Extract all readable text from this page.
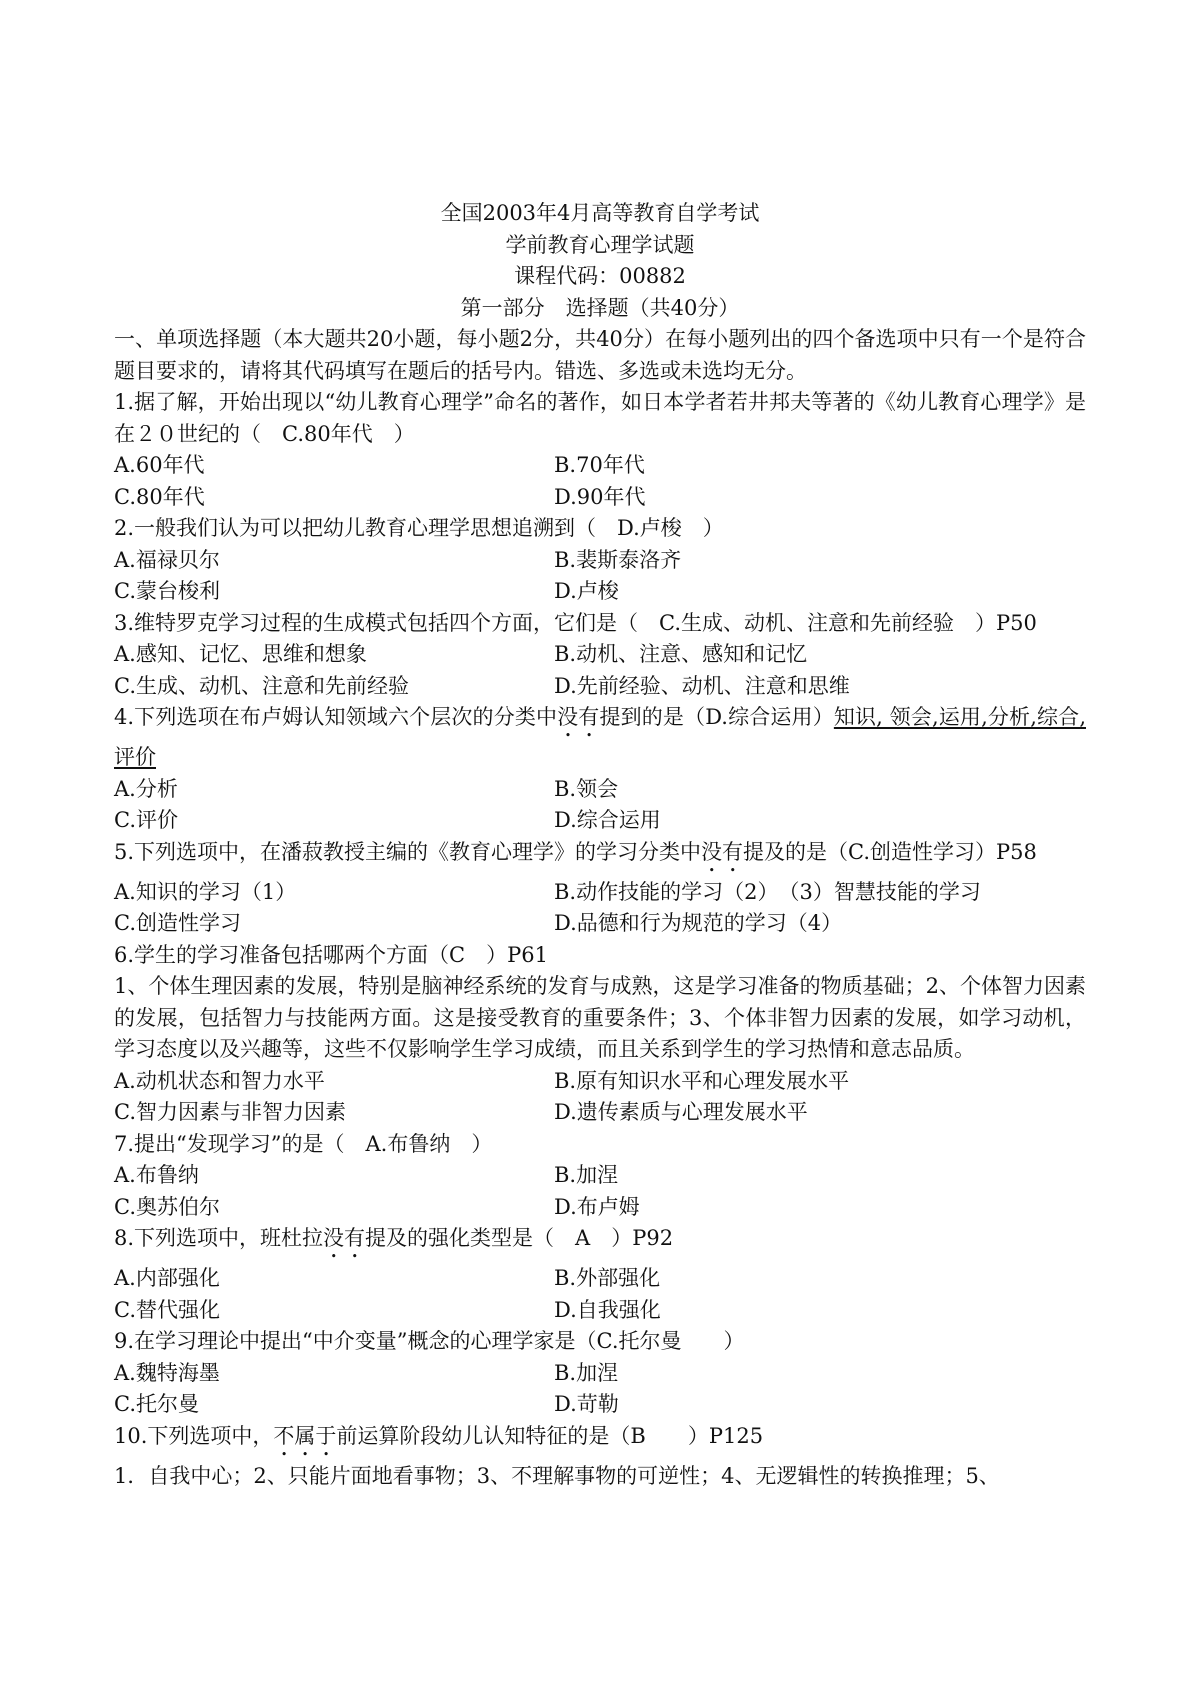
全国2003年4月高等教育自学考试
学前教育心理学试题
课程代码：00882
第一部分　选择题（共40分）
一、单项选择题（本大题共20小题，每小题2分，共40分）在每小题列出的四个备选项中只有一个是符合题目要求的，请将其代码填写在题后的括号内。错选、多选或未选均无分。
1.据了解，开始出现以“幼儿教育心理学”命名的著作，如日本学者若井邦夫等著的《幼儿教育心理学》是在２０世纪的（　C.80年代　）
A.60年代	B.70年代
C.80年代	D.90年代
2.一般我们认为可以把幼儿教育心理学思想追溯到（　D.卢梭　）
A.福禄贝尔	B.裴斯泰洛齐
C.蒙台梭利	D.卢梭
3.维特罗克学习过程的生成模式包括四个方面，它们是（　C.生成、动机、注意和先前经验　）P50
A.感知、记忆、思维和想象	B.动机、注意、感知和记忆
C.生成、动机、注意和先前经验	D.先前经验、动机、注意和思维
4.下列选项在布卢姆认知领域六个层次的分类中没有提到的是（D.综合运用）知识, 领会,运用,分析,综合,评价
A.分析	B.领会
C.评价	D.综合运用
5.下列选项中，在潘菽教授主编的《教育心理学》的学习分类中没有提及的是（C.创造性学习）P58
A.知识的学习（1）	B.动作技能的学习（2）　（3）智慧技能的学习
C.创造性学习	D.品德和行为规范的学习（4）
6.学生的学习准备包括哪两个方面（C　）P61
1、个体生理因素的发展，特别是脑神经系统的发育与成熟，这是学习准备的物质基础；2、个体智力因素的发展，包括智力与技能两方面。这是接受教育的重要条件；3、个体非智力因素的发展，如学习动机，学习态度以及兴趣等，这些不仅影响学生学习成绩，而且关系到学生的学习热情和意志品质。
A.动机状态和智力水平	B.原有知识水平和心理发展水平
C.智力因素与非智力因素	D.遗传素质与心理发展水平
7.提出“发现学习”的是（　A.布鲁纳　）
A.布鲁纳	B.加涅
C.奥苏伯尔	D.布卢姆
8.下列选项中，班杜拉没有提及的强化类型是（　A　）P92
A.内部强化	B.外部强化
C.替代强化	D.自我强化
9.在学习理论中提出“中介变量”概念的心理学家是（C.托尔曼　　）
A.魏特海墨	B.加涅
C.托尔曼	D.苛勒
10.下列选项中，不属于前运算阶段幼儿认知特征的是（B　　）P125
1．自我中心；2、只能片面地看事物；3、不理解事物的可逆性；4、无逻辑性的转换推理；5、
